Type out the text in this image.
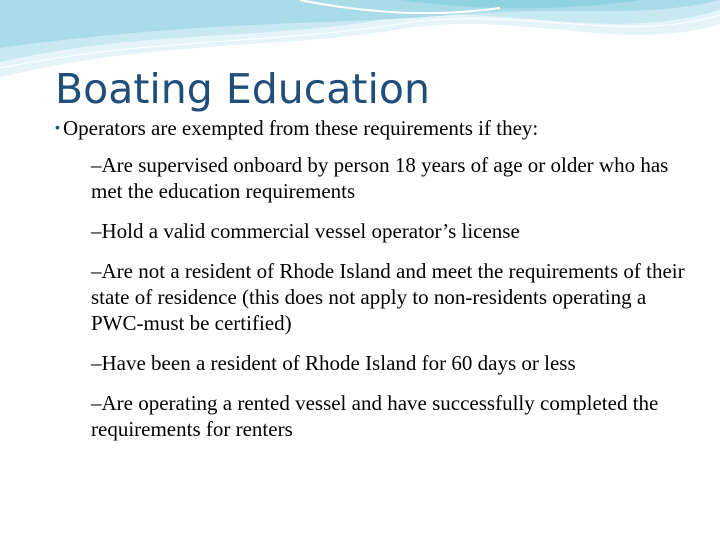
Boating Education
• Operators are exempted from these requirements if they:
–Are supervised onboard by person 18 years of age or older who has met the education requirements
–Hold a valid commercial vessel operator’s license
–Are not a resident of Rhode Island and meet the requirements of their state of residence (this does not apply to non-residents operating a PWC-must be certified)
–Have been a resident of Rhode Island for 60 days or less
–Are operating a rented vessel and have successfully completed the requirements for renters
